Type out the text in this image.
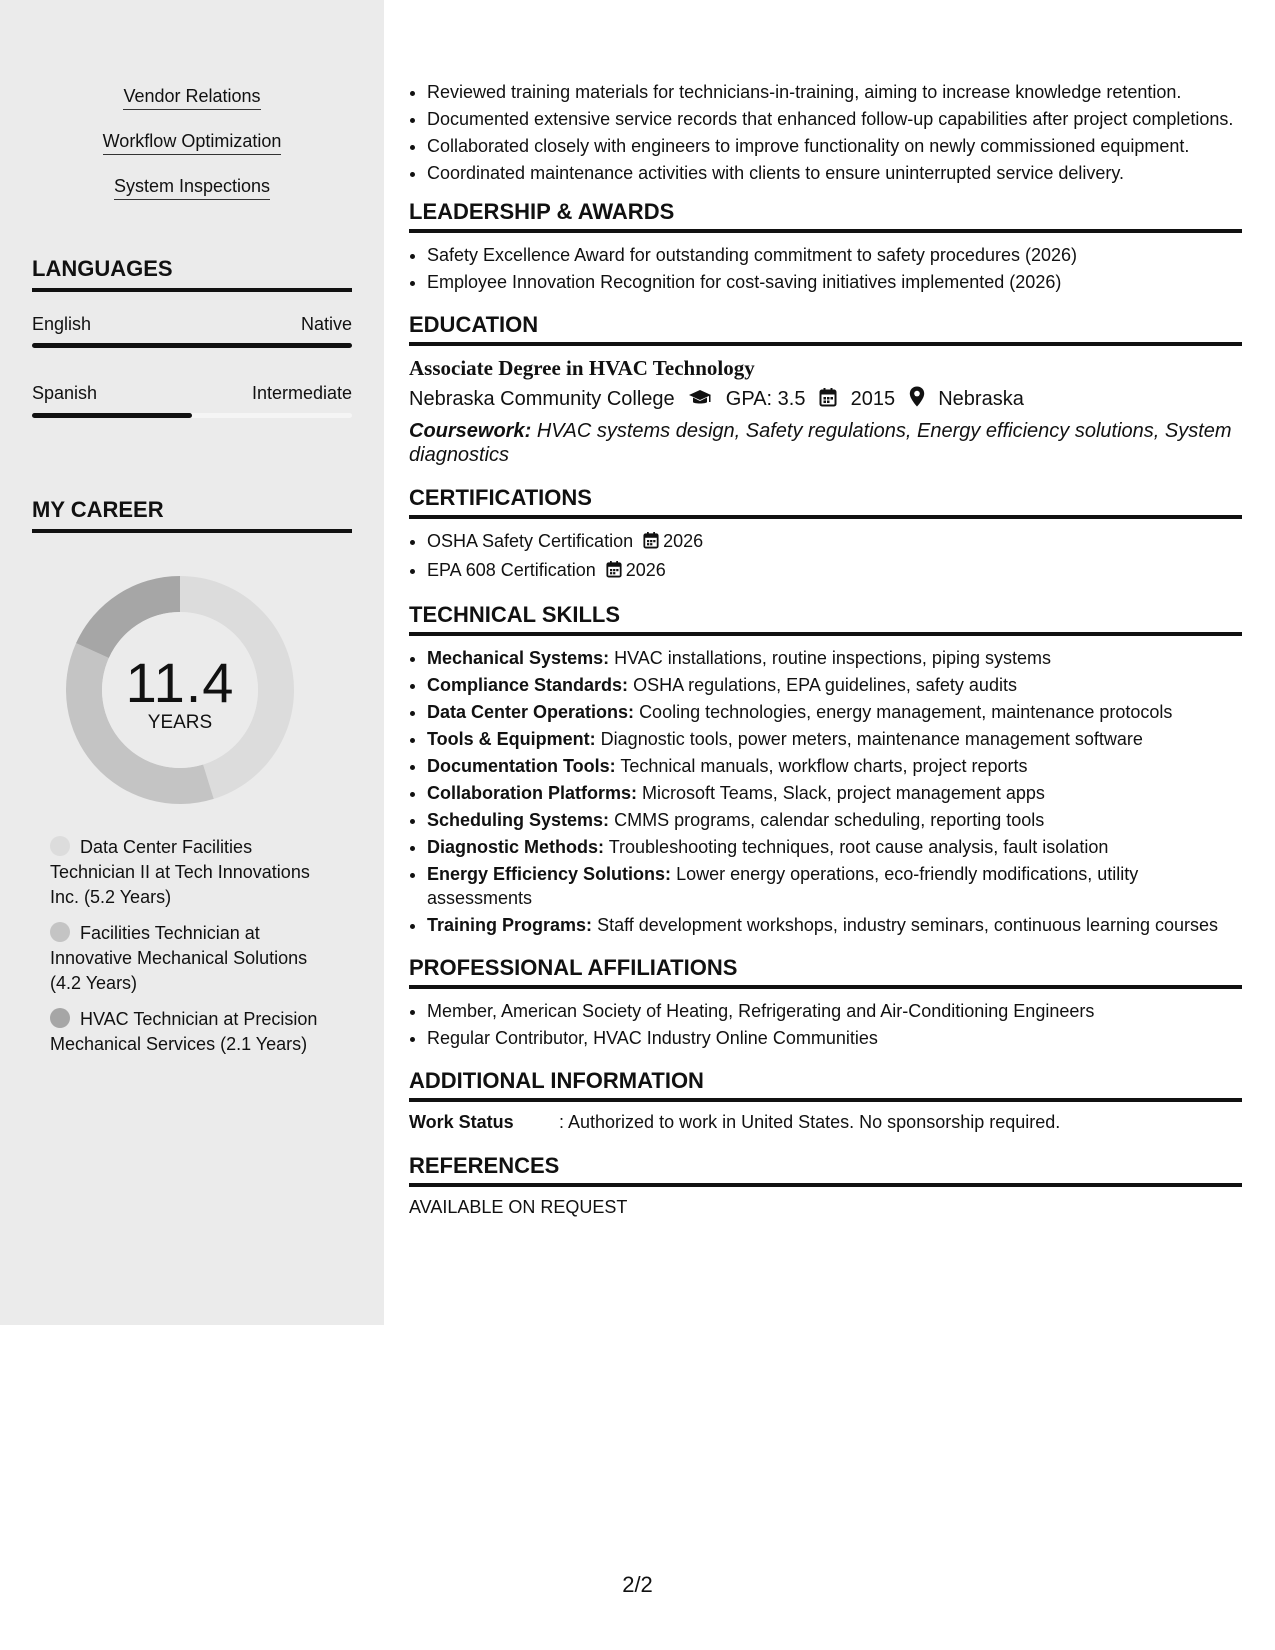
Vendor Relations
Workflow Optimization
System Inspections
LANGUAGES
English	Native
Spanish	Intermediate
MY CAREER
11.4
YEARS
Data Center Facilities Technician II at Tech Innovations Inc. (5.2 Years)
Facilities Technician at Innovative Mechanical Solutions (4.2 Years)
HVAC Technician at Precision Mechanical Services (2.1 Years)
• Reviewed training materials for technicians-in-training, aiming to increase knowledge retention.
• Documented extensive service records that enhanced follow-up capabilities after project completions.
• Collaborated closely with engineers to improve functionality on newly commissioned equipment.
• Coordinated maintenance activities with clients to ensure uninterrupted service delivery.
LEADERSHIP & AWARDS
• Safety Excellence Award for outstanding commitment to safety procedures (2026)
• Employee Innovation Recognition for cost-saving initiatives implemented (2026)
EDUCATION
Associate Degree in HVAC Technology
Nebraska Community College	GPA: 3.5 2015 Nebraska
Coursework: HVAC systems design, Safety regulations, Energy efficiency solutions, System diagnostics
CERTIFICATIONS
• OSHA Safety Certification 2026
• EPA 608 Certification 2026
TECHNICAL SKILLS
• Mechanical Systems: HVAC installations, routine inspections, piping systems
• Compliance Standards: OSHA regulations, EPA guidelines, safety audits
• Data Center Operations: Cooling technologies, energy management, maintenance protocols
• Tools & Equipment: Diagnostic tools, power meters, maintenance management software
• Documentation Tools: Technical manuals, workflow charts, project reports
• Collaboration Platforms: Microsoft Teams, Slack, project management apps
• Scheduling Systems: CMMS programs, calendar scheduling, reporting tools
• Diagnostic Methods: Troubleshooting techniques, root cause analysis, fault isolation
• Energy Efficiency Solutions: Lower energy operations, eco-friendly modifications, utility assessments
• Training Programs: Staff development workshops, industry seminars, continuous learning courses
PROFESSIONAL AFFILIATIONS
• Member, American Society of Heating, Refrigerating and Air-Conditioning Engineers
• Regular Contributor, HVAC Industry Online Communities
ADDITIONAL INFORMATION
Work Status	: Authorized to work in United States. No sponsorship required.
REFERENCES
AVAILABLE ON REQUEST
2/2
